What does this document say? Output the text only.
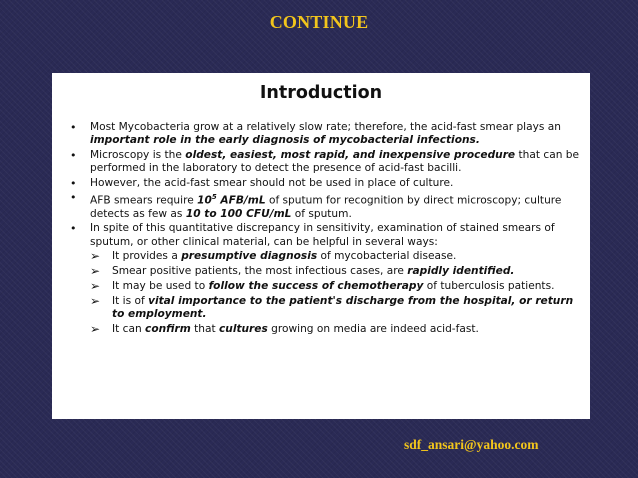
CONTINUE
Introduction
• Most Mycobacteria grow at a relatively slow rate; therefore, the acid-fast smear plays an important role in the early diagnosis of mycobacterial infections.
• Microscopy is the oldest, easiest, most rapid, and inexpensive procedure that can be performed in the laboratory to detect the presence of acid-fast bacilli.
• However, the acid-fast smear should not be used in place of culture.
• AFB smears require $10^5$ AFB/mL of sputum for recognition by direct microscopy; culture detects as few as 10 to 100 CFU/mL of sputum.
• In spite of this quantitative discrepancy in sensitivity, examination of stained smears of sputum, or other clinical material, can be helpful in several ways:
➢ It provides a presumptive diagnosis of mycobacterial disease.
➢ Smear positive patients, the most infectious cases, are rapidly identified.
➢ It may be used to follow the success of chemotherapy of tuberculosis patients.
➢ It is of vital importance to the patient's discharge from the hospital, or return to employment.
➢ It can confirm that cultures growing on media are indeed acid-fast.
sdf_ansari@yahoo.com
